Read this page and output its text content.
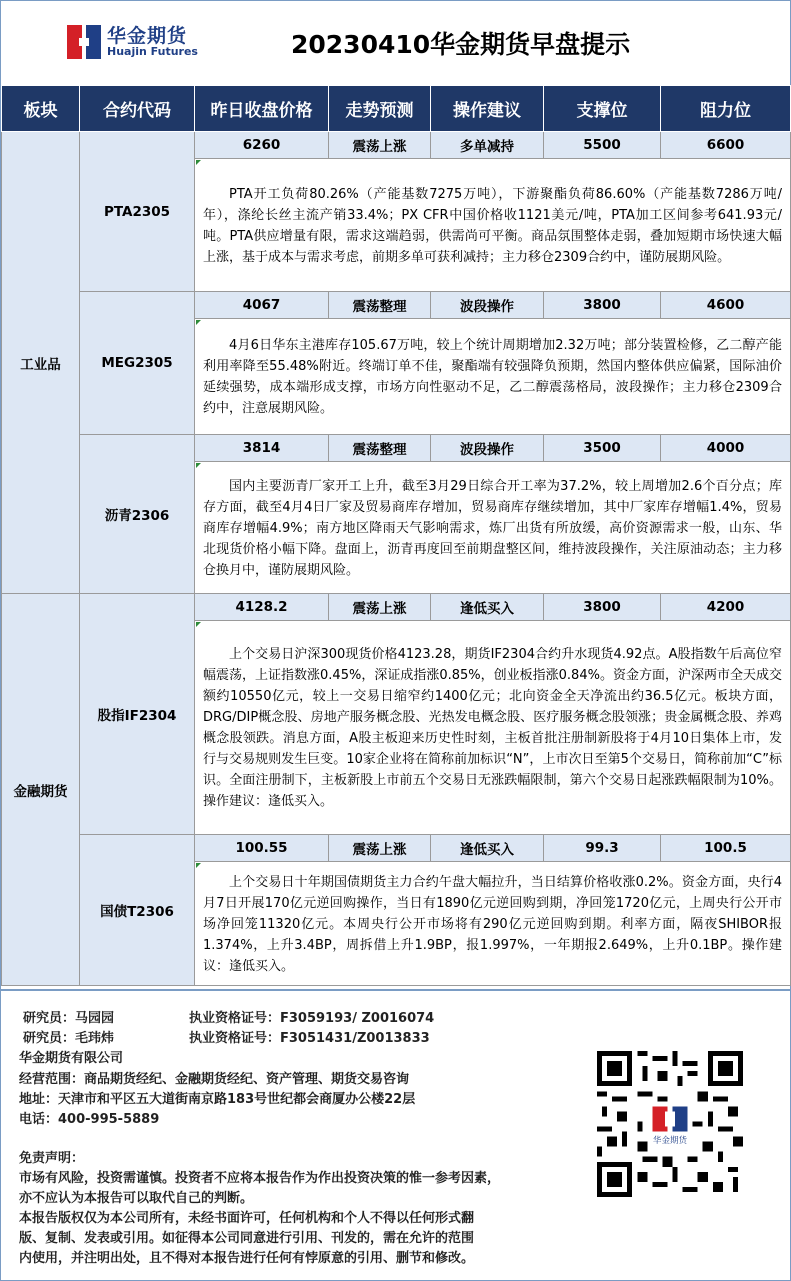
华金期货
Huajin Futures	20230410华金期货早盘提示
板块	合约代码	昨日收盘价格	走势预测	操作建议	支撑位	阻力位
工业品	PTA2305	6260	震荡上涨	多单减持	5500	6600

PTA开工负荷80.26%（产能基数7275万吨），下游聚酯负荷86.60%（产能基数7286万吨/年），涤纶长丝主流产销33.4%；PX CFR中国价格收1121美元/吨，PTA加工区间参考641.93元/吨。PTA供应增量有限，需求这端趋弱，供需尚可平衡。商品氛围整体走弱，叠加短期市场快速大幅上涨，基于成本与需求考虑，前期多单可获利减持；主力移仓2309合约中，谨防展期风险。				
	MEG2305	4067	震荡整理	波段操作	3800	4600

4月6日华东主港库存105.67万吨，较上个统计周期增加2.32万吨；部分装置检修，乙二醇产能利用率降至55.48%附近。终端订单不佳，聚酯端有较强降负预期，然国内整体供应偏紧，国际油价延续强势，成本端形成支撑，市场方向性驱动不足，乙二醇震荡格局，波段操作；主力移仓2309合约中，注意展期风险。				
	沥青2306	3814	震荡整理	波段操作	3500	4000

国内主要沥青厂家开工上升，截至3月29日综合开工率为37.2%，较上周增加2.6个百分点；库存方面，截至4月4日厂家及贸易商库存增加，贸易商库存继续增加，其中厂家库存增幅1.4%，贸易商库存增幅4.9%；南方地区降雨天气影响需求，炼厂出货有所放缓，高价资源需求一般，山东、华北现货价格小幅下降。盘面上，沥青再度回至前期盘整区间，维持波段操作，关注原油动态；主力移仓换月中，谨防展期风险。				
金融期货	股指IF2304	4128.2	震荡上涨	逢低买入	3800	4200

上个交易日沪深300现货价格4123.28，期货IF2304合约升水现货4.92点。A股指数午后高位窄幅震荡，上证指数涨0.45%，深证成指涨0.85%，创业板指涨0.84%。资金方面，沪深两市全天成交额约10550亿元，较上一交易日缩窄约1400亿元；北向资金全天净流出约36.5亿元。板块方面，DRG/DIP概念股、房地产服务概念股、光热发电概念股、医疗服务概念股领涨；贵金属概念股、养鸡概念股领跌。消息方面，A股主板迎来历史性时刻，主板首批注册制新股将于4月10日集体上市，发行与交易规则发生巨变。10家企业将在简称前加标识“N”，上市次日至第5个交易日，简称前加“C”标识。全面注册制下，主板新股上市前五个交易日无涨跌幅限制，第六个交易日起涨跌幅限制为10%。操作建议：逢低买入。				
	国债T2306	100.55	震荡上涨	逢低买入	99.3	100.5

上个交易日十年期国债期货主力合约午盘大幅拉升，当日结算价格收涨0.2%。资金方面，央行4月7日开展170亿元逆回购操作，当日有1890亿元逆回购到期，净回笼1720亿元，上周央行公开市场净回笼11320亿元。本周央行公开市场将有290亿元逆回购到期。利率方面，隔夜SHIBOR报1.374%，上升3.4BP，周拆借上升1.9BP，报1.997%，一年期报2.649%，上升0.1BP。操作建议：逢低买入。				
研究员：马园园	执业资格证号：F3059193/ Z0016074
研究员：毛玮炜	执业资格证号：F3051431/Z0013833
华金期货有限公司
经营范围：商品期货经纪、金融期货经纪、资产管理、期货交易咨询
地址：天津市和平区五大道街南京路183号世纪都会商厦办公楼22层
电话：400-995-5889
免责声明：
市场有风险，投资需谨慎。投资者不应将本报告作为作出投资决策的惟一参考因素，
亦不应认为本报告可以取代自己的判断。
本报告版权仅为本公司所有，未经书面许可，任何机构和个人不得以任何形式翻
版、复制、发表或引用。如征得本公司同意进行引用、刊发的，需在允许的范围
内使用，并注明出处，且不得对本报告进行任何有悖原意的引用、删节和修改。
华金期货
